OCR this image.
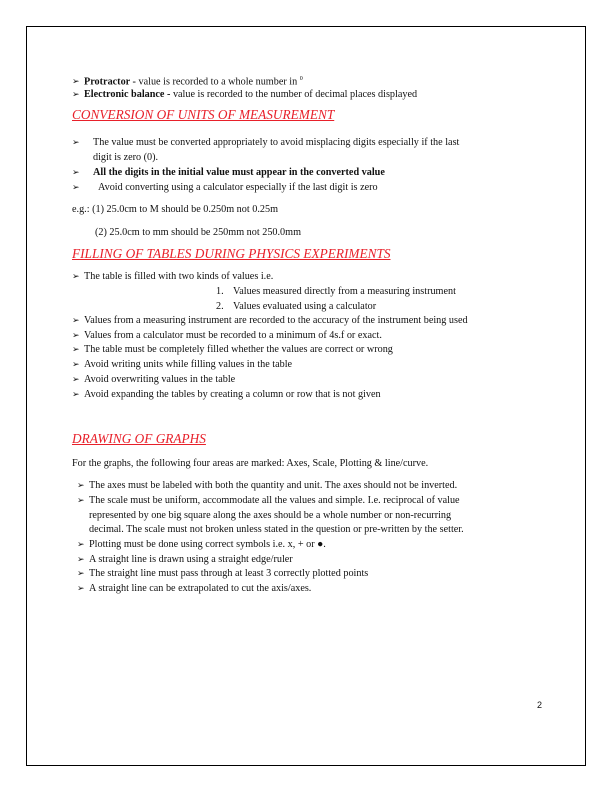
➢ Protractor - value is recorded to a whole number in $^0$
➢ Electronic balance - value is recorded to the number of decimal places displayed
CONVERSION OF UNITS OF MEASUREMENT
➢ The value must be converted appropriately to avoid misplacing digits especially if the last
digit is zero (0).
➢ All the digits in the initial value must appear in the converted value
➢ Avoid converting using a calculator especially if the last digit is zero
e.g.: (1) 25.0cm to M should be 0.250m not 0.25m
(2) 25.0cm to mm should be 250mm not 250.0mm
FILLING OF TABLES DURING PHYSICS EXPERIMENTS
➢ The table is filled with two kinds of values i.e.
1. Values measured directly from a measuring instrument
2. Values evaluated using a calculator
➢ Values from a measuring instrument are recorded to the accuracy of the instrument being used
➢ Values from a calculator must be recorded to a minimum of 4s.f or exact.
➢ The table must be completely filled whether the values are correct or wrong
➢ Avoid writing units while filling values in the table
➢ Avoid overwriting values in the table
➢ Avoid expanding the tables by creating a column or row that is not given
DRAWING OF GRAPHS
For the graphs, the following four areas are marked: Axes, Scale, Plotting & line/curve.
➢ The axes must be labeled with both the quantity and unit. The axes should not be inverted.
➢ The scale must be uniform, accommodate all the values and simple. I.e. reciprocal of value
represented by one big square along the axes should be a whole number or non-recurring
decimal. The scale must not broken unless stated in the question or pre-written by the setter.
➢ Plotting must be done using correct symbols i.e. x, + or ●.
➢ A straight line is drawn using a straight edge/ruler
➢ The straight line must pass through at least 3 correctly plotted points
➢ A straight line can be extrapolated to cut the axis/axes.
2
